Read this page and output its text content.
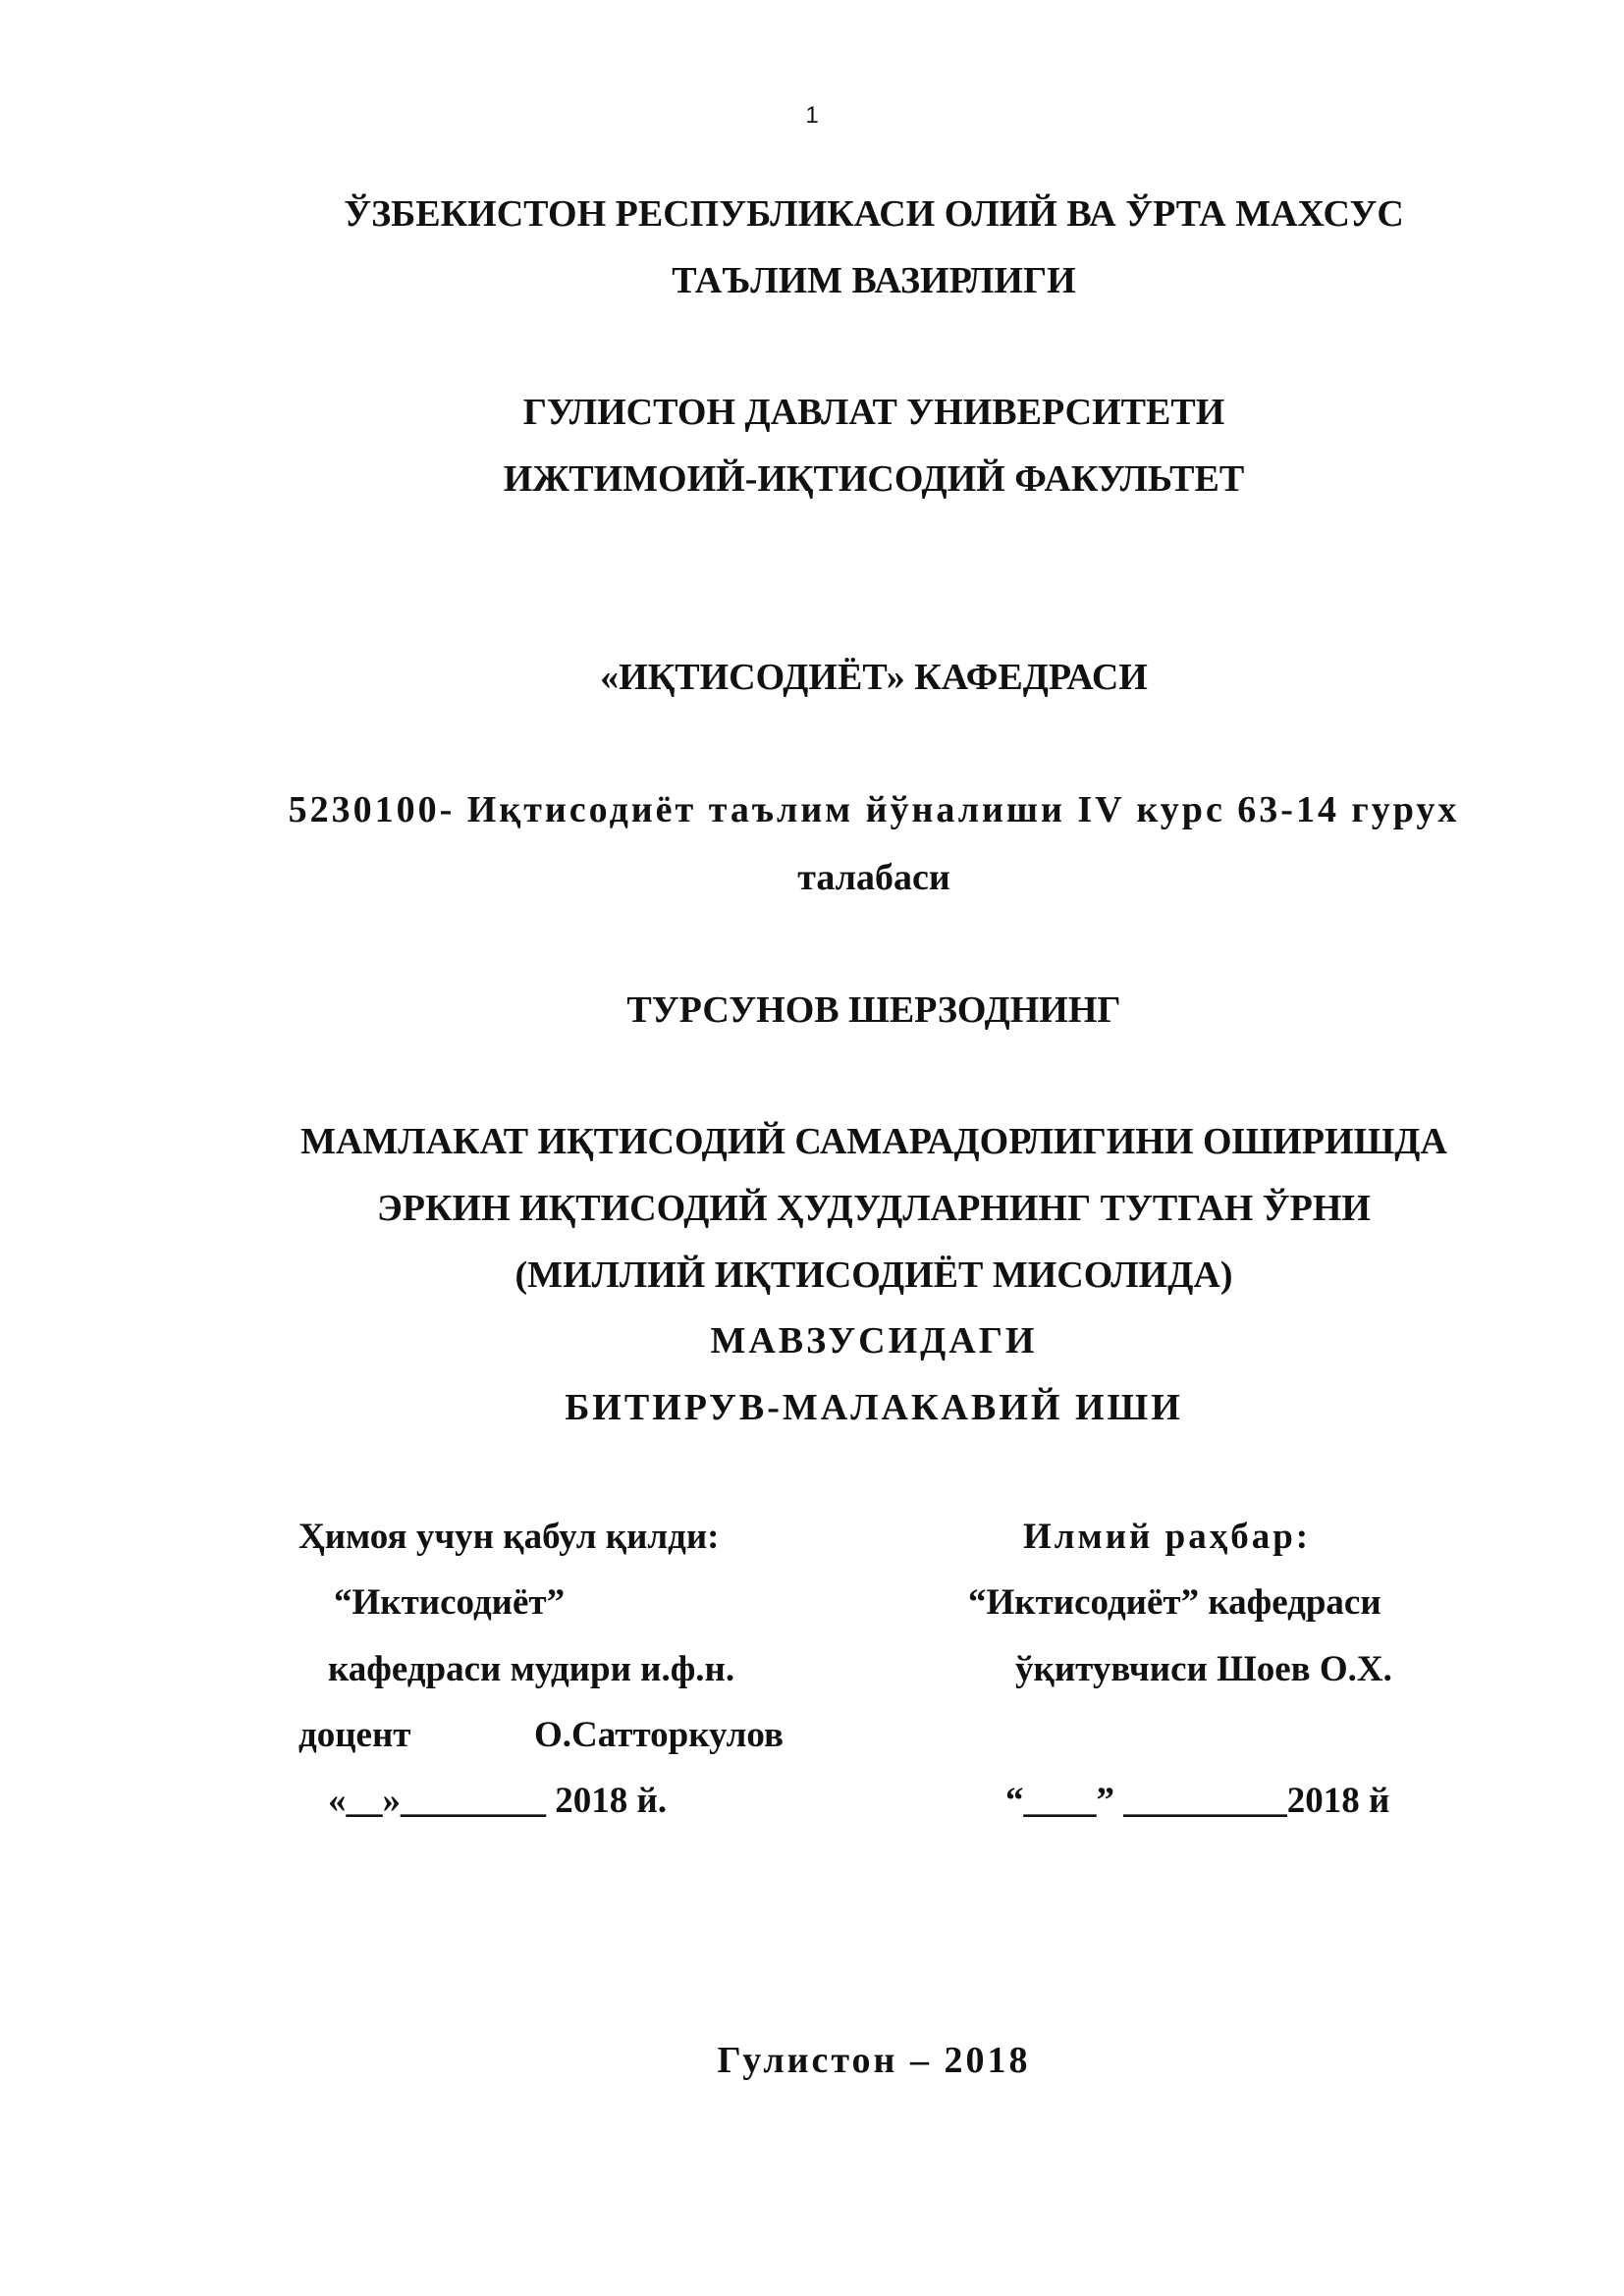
1

ЎЗБЕКИСТОН РЕСПУБЛИКАСИ ОЛИЙ ВА ЎРТА МАХСУС

ТАЪЛИМ ВАЗИРЛИГИ

ГУЛИСТОН ДАВЛАТ УНИВЕРСИТЕТИ

ИЖТИМОИЙ-ИҚТИСОДИЙ ФАКУЛЬТЕТ

«ИҚТИСОДИЁТ» КАФЕДРАСИ

5230100- Иқтисодиёт таълим йўналиши IV курс 63-14 гурух

талабаси

ТУРСУНОВ ШЕРЗОДНИНГ

МАМЛАКАТ ИҚТИСОДИЙ САМАРАДОРЛИГИНИ ОШИРИШДА

ЭРКИН ИҚТИСОДИЙ ҲУДУДЛАРНИНГ ТУТГАН ЎРНИ

(МИЛЛИЙ ИҚТИСОДИЁТ МИСОЛИДА)

МАВЗУСИДАГИ

БИТИРУВ-МАЛАКАВИЙ ИШИ

Ҳимоя учун қабул қилди:

“Иктисодиёт”

кафедраси мудири и.ф.н.

доцент	О.Сатторкулов

«__»________ 2018 й.

Илмий раҳбар:

“Иктисодиёт” кафедраси

ўқитувчиси Шоев О.Х.

“____” _________2018 й

Гулистон – 2018
